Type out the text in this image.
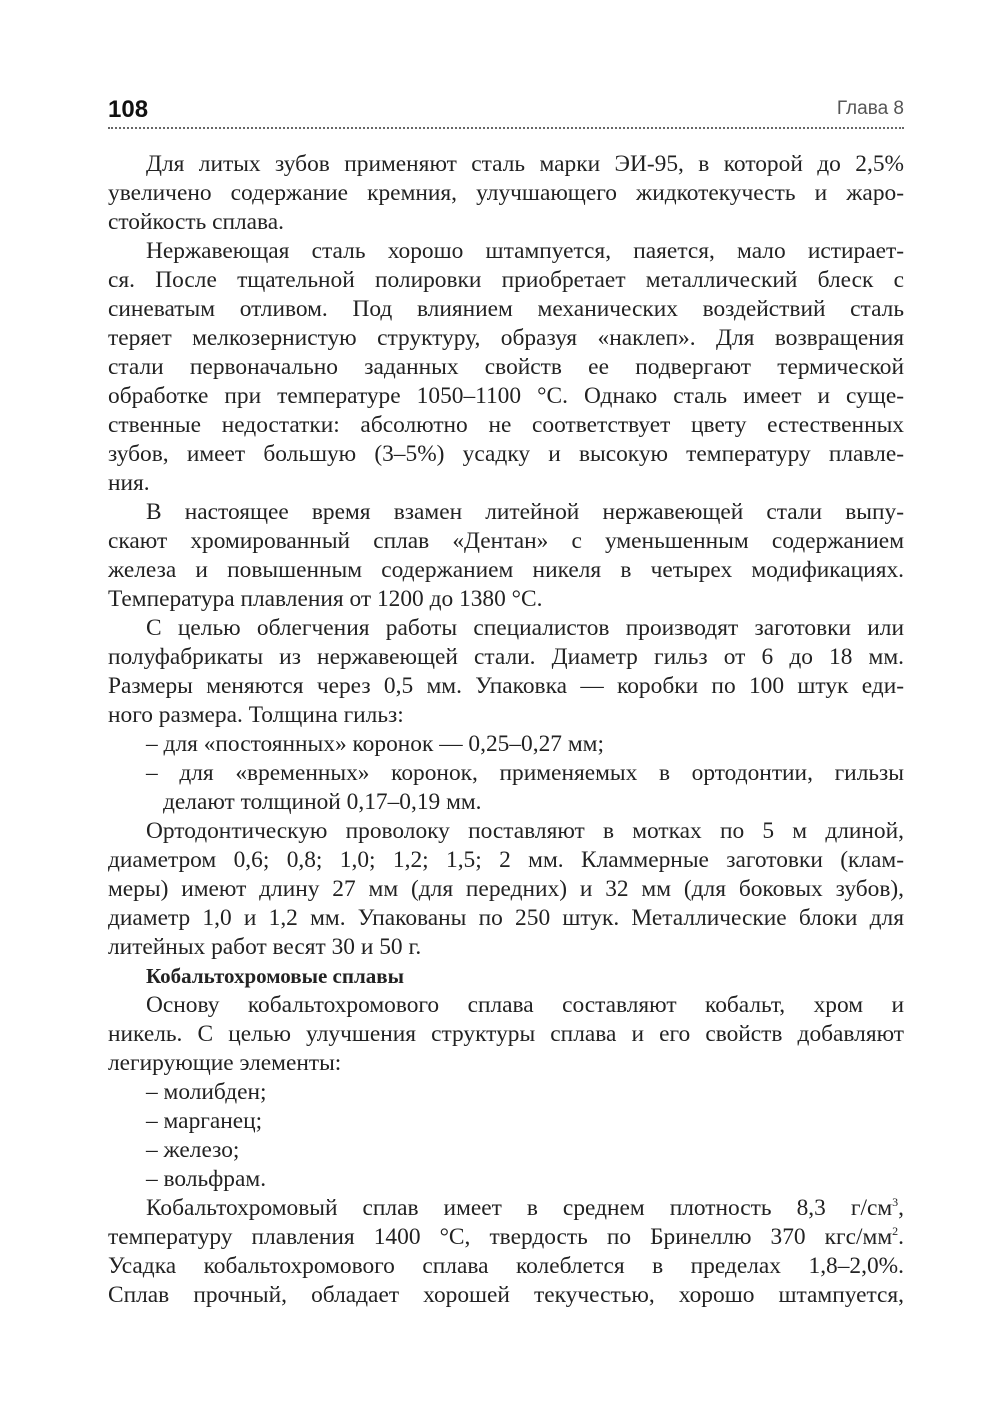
108	Глава 8
Для литых зубов применяют сталь марки ЭИ-95, в которой до 2,5%
увеличено содержание кремния, улучшающего жидкотекучесть и жаро-
стойкость сплава.
Нержавеющая сталь хорошо штампуется, паяется, мало истирает-
ся. После тщательной полировки приобретает металлический блеск с
синеватым отливом. Под влиянием механических воздействий сталь
теряет мелкозернистую структуру, образуя «наклеп». Для возвращения
стали первоначально заданных свойств ее подвергают термической
обработке при температуре 1050–1100 °С. Однако сталь имеет и суще-
ственные недостатки: абсолютно не соответствует цвету естественных
зубов, имеет большую (3–5%) усадку и высокую температуру плавле-
ния.
В настоящее время взамен литейной нержавеющей стали выпу-
скают хромированный сплав «Дентан» с уменьшенным содержанием
железа и повышенным содержанием никеля в четырех модификациях.
Температура плавления от 1200 до 1380 °С.
С целью облегчения работы специалистов производят заготовки или
полуфабрикаты из нержавеющей стали. Диаметр гильз от 6 до 18 мм.
Размеры меняются через 0,5 мм. Упаковка — коробки по 100 штук еди-
ного размера. Толщина гильз:
– для «постоянных» коронок — 0,25–0,27 мм;
– для «временных» коронок, применяемых в ортодонтии, гильзы
делают толщиной 0,17–0,19 мм.
Ортодонтическую проволоку поставляют в мотках по 5 м длиной,
диаметром 0,6; 0,8; 1,0; 1,2; 1,5; 2 мм. Кламмерные заготовки (клам-
меры) имеют длину 27 мм (для передних) и 32 мм (для боковых зубов),
диаметр 1,0 и 1,2 мм. Упакованы по 250 штук. Металлические блоки для
литейных работ весят 30 и 50 г.
Кобальтохромовые сплавы
Основу кобальтохромового сплава составляют кобальт, хром и
никель. С целью улучшения структуры сплава и его свойств добавляют
легирующие элементы:
– молибден;
– марганец;
– железо;
– вольфрам.
Кобальтохромовый сплав имеет в среднем плотность 8,3 $г/см^3$,
температуру плавления 1400 °С, твердость по Бринеллю 370 кгс/$мм^2$.
Усадка кобальтохромового сплава колеблется в пределах 1,8–2,0%.
Сплав прочный, обладает хорошей текучестью, хорошо штампуется,
